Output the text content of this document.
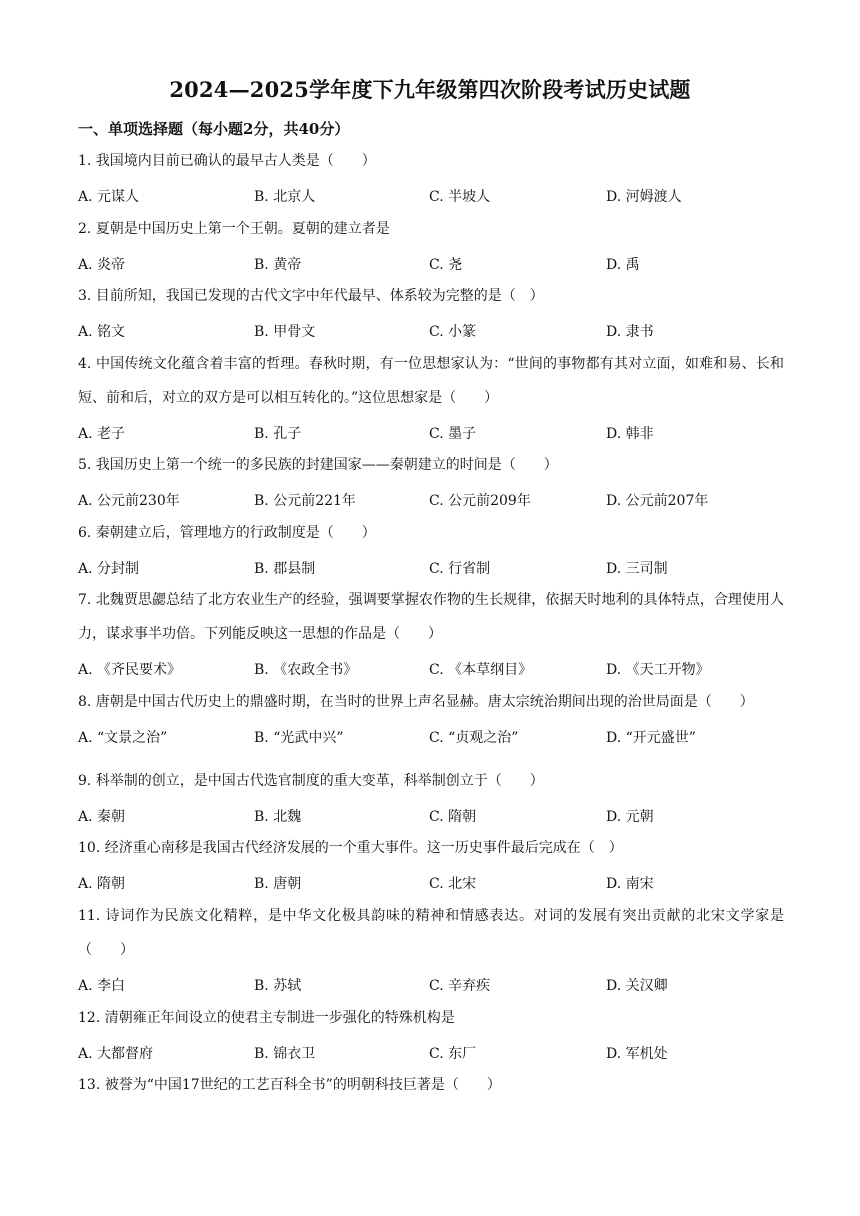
2024—2025学年度下九年级第四次阶段考试历史试题
一、单项选择题（每小题2分，共40分）
1. 我国境内目前已确认的最早古人类是（　　）
A. 元谋人	B. 北京人	C. 半坡人	D. 河姆渡人
2. 夏朝是中国历史上第一个王朝。夏朝的建立者是
A. 炎帝	B. 黄帝	C. 尧	D. 禹
3. 目前所知，我国已发现的古代文字中年代最早、体系较为完整的是（　）
A. 铭文	B. 甲骨文	C. 小篆	D. 隶书
4. 中国传统文化蕴含着丰富的哲理。春秋时期，有一位思想家认为：“世间的事物都有其对立面，如难和易、长和短、前和后，对立的双方是可以相互转化的。”这位思想家是（　　）
A. 老子	B. 孔子	C. 墨子	D. 韩非
5. 我国历史上第一个统一的多民族的封建国家——秦朝建立的时间是（　　）
A. 公元前230年	B. 公元前221年	C. 公元前209年	D. 公元前207年
6. 秦朝建立后，管理地方的行政制度是（　　）
A. 分封制	B. 郡县制	C. 行省制	D. 三司制
7. 北魏贾思勰总结了北方农业生产的经验，强调要掌握农作物的生长规律，依据天时地利的具体特点，合理使用人力，谋求事半功倍。下列能反映这一思想的作品是（　　）
A. 《齐民要术》	B. 《农政全书》	C. 《本草纲目》	D. 《天工开物》
8. 唐朝是中国古代历史上的鼎盛时期，在当时的世界上声名显赫。唐太宗统治期间出现的治世局面是（　　）
A. “文景之治”	B. “光武中兴”	C. “贞观之治”	D. “开元盛世”
9. 科举制的创立，是中国古代选官制度的重大变革，科举制创立于（　　）
A. 秦朝	B. 北魏	C. 隋朝	D. 元朝
10. 经济重心南移是我国古代经济发展的一个重大事件。这一历史事件最后完成在（　）
A. 隋朝	B. 唐朝	C. 北宋	D. 南宋
11. 诗词作为民族文化精粹，是中华文化极具韵味的精神和情感表达。对词的发展有突出贡献的北宋文学家是（　　）
A. 李白	B. 苏轼	C. 辛弃疾	D. 关汉卿
12. 清朝雍正年间设立的使君主专制进一步强化的特殊机构是
A. 大都督府	B. 锦衣卫	C. 东厂	D. 军机处
13. 被誉为“中国17世纪的工艺百科全书”的明朝科技巨著是（　　）
